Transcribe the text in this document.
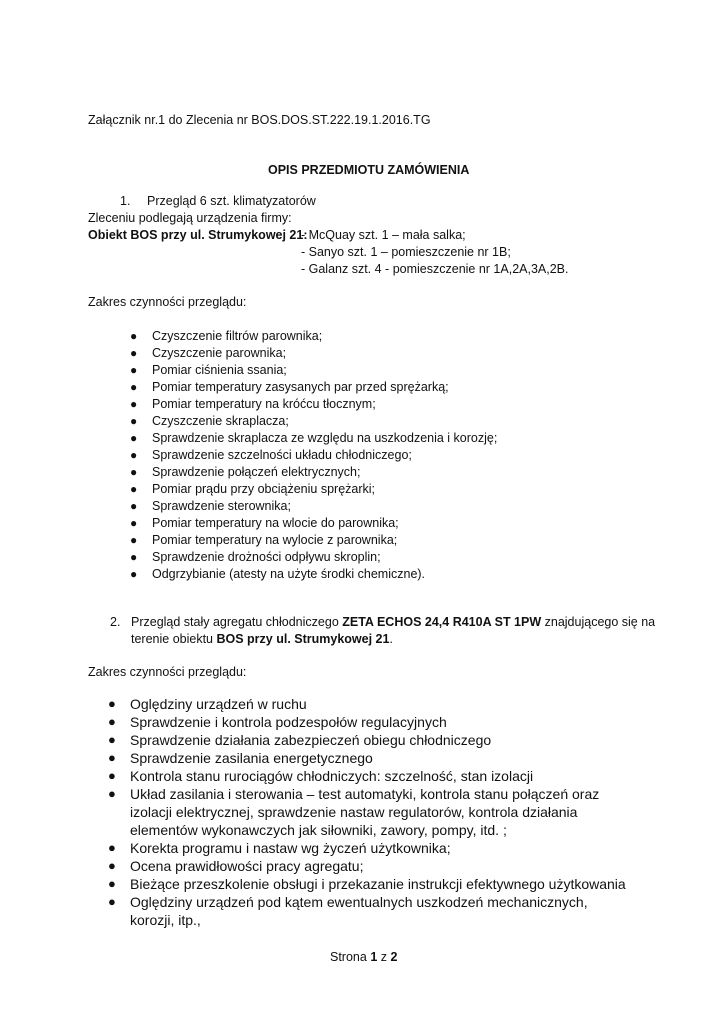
Załącznik nr.1 do Zlecenia nr BOS.DOS.ST.222.19.1.2016.TG
OPIS PRZEDMIOTU ZAMÓWIENIA
1. Przegląd 6 szt. klimatyzatorów
Zleceniu podlegają urządzenia firmy:
Obiekt BOS przy ul. Strumykowej 21:
- McQuay szt. 1 – mała salka;
- Sanyo szt. 1 – pomieszczenie nr 1B;
- Galanz szt. 4 - pomieszczenie nr 1A,2A,3A,2B.
Zakres czynności przeglądu:
● Czyszczenie filtrów parownika;
● Czyszczenie parownika;
● Pomiar ciśnienia ssania;
● Pomiar temperatury zasysanych par przed sprężarką;
● Pomiar temperatury na króćcu tłocznym;
● Czyszczenie skraplacza;
● Sprawdzenie skraplacza ze względu na uszkodzenia i korozję;
● Sprawdzenie szczelności układu chłodniczego;
● Sprawdzenie połączeń elektrycznych;
● Pomiar prądu przy obciążeniu sprężarki;
● Sprawdzenie sterownika;
● Pomiar temperatury na wlocie do parownika;
● Pomiar temperatury na wylocie z parownika;
● Sprawdzenie drożności odpływu skroplin;
● Odgrzybianie (atesty na użyte środki chemiczne).
2. Przegląd stały agregatu chłodniczego ZETA ECHOS 24,4 R410A ST 1PW znajdującego się na
terenie obiektu BOS przy ul. Strumykowej 21.
Zakres czynności przeglądu:
● Oględziny urządzeń w ruchu
● Sprawdzenie i kontrola podzespołów regulacyjnych
● Sprawdzenie działania zabezpieczeń obiegu chłodniczego
● Sprawdzenie zasilania energetycznego
● Kontrola stanu rurociągów chłodniczych: szczelność, stan izolacji
● Układ zasilania i sterowania – test automatyki, kontrola stanu połączeń oraz izolacji elektrycznej, sprawdzenie nastaw regulatorów, kontrola działania elementów wykonawczych jak siłowniki, zawory, pompy, itd. ;
● Korekta programu i nastaw wg życzeń użytkownika;
● Ocena prawidłowości pracy agregatu;
● Bieżące przeszkolenie obsługi i przekazanie instrukcji efektywnego użytkowania
● Oględziny urządzeń pod kątem ewentualnych uszkodzeń mechanicznych, korozji, itp.,
Strona 1 z 2
